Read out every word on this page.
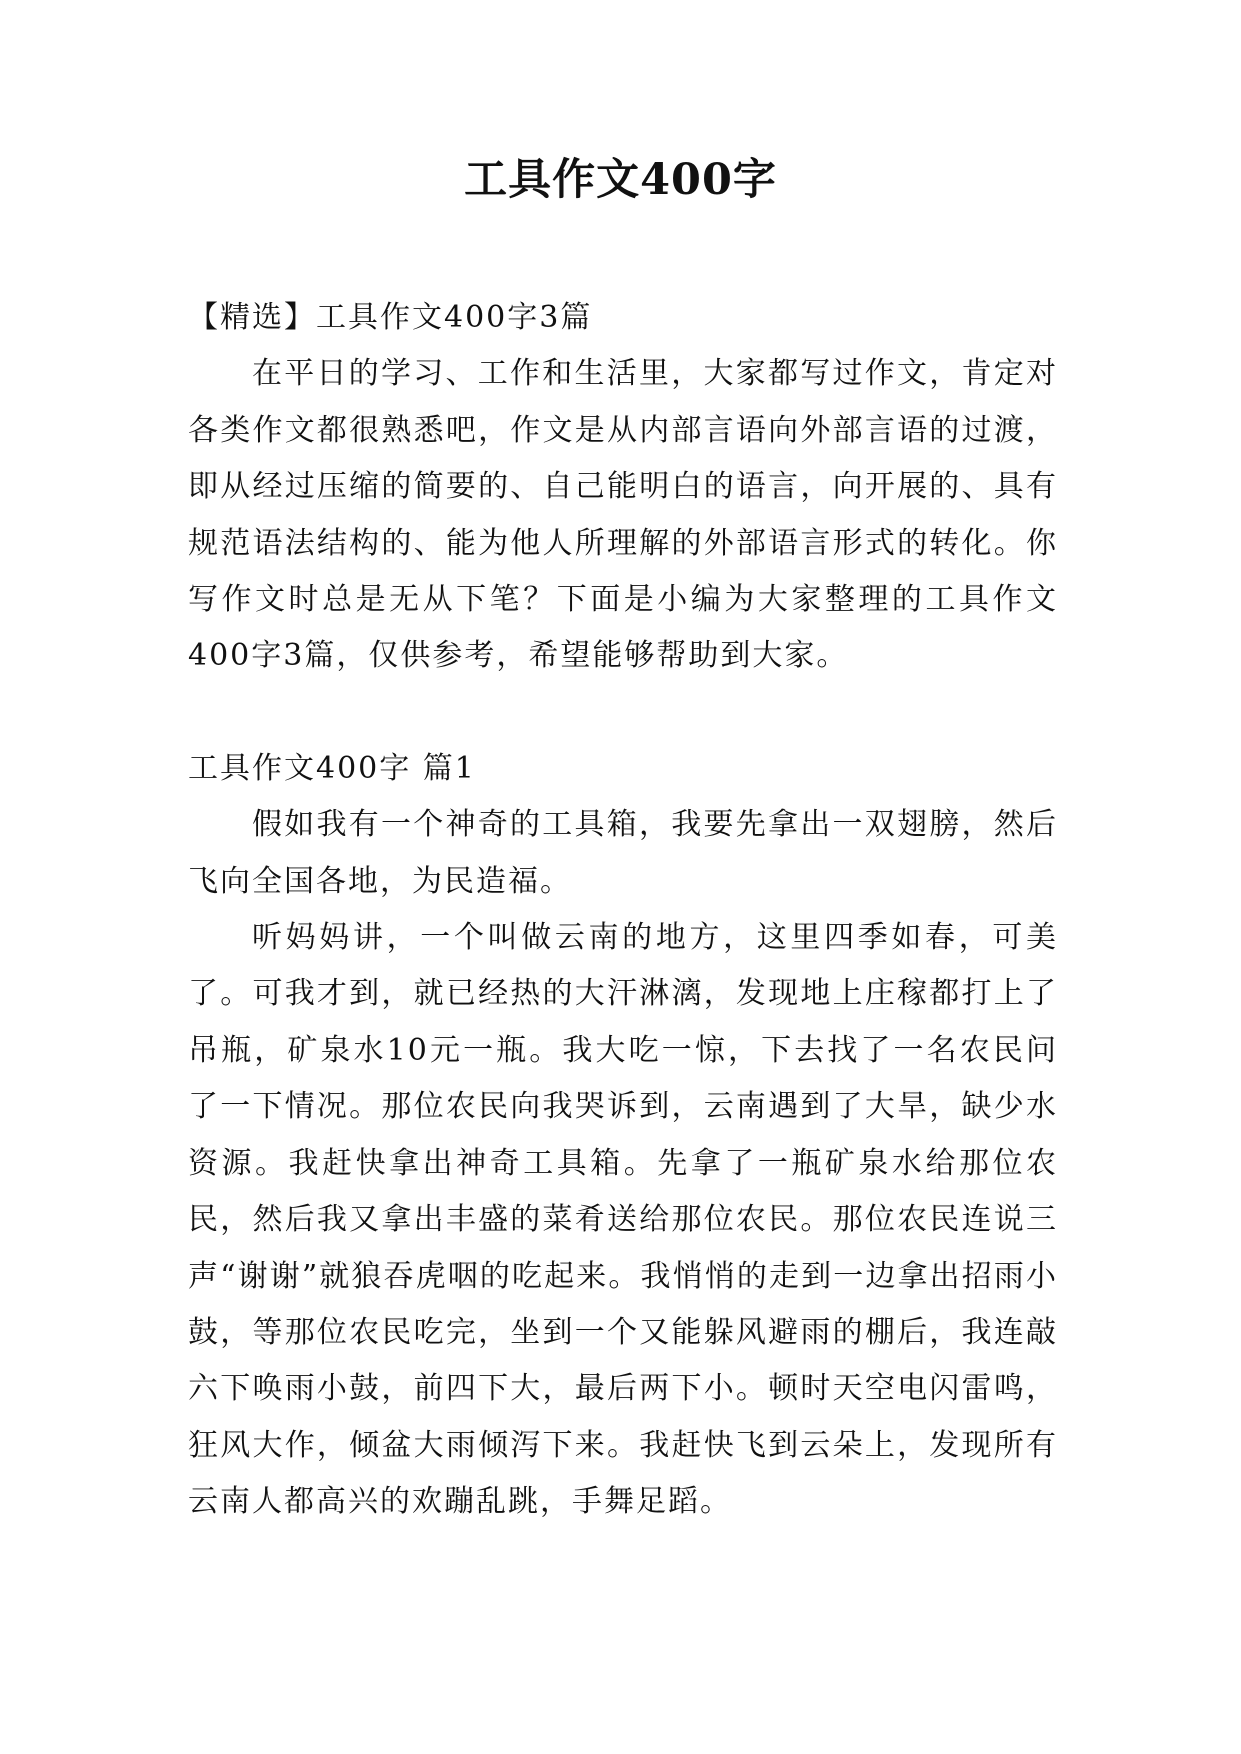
工具作文400字

【精选】工具作文400字3篇

在平日的学习、工作和生活里，大家都写过作文，肯定对各类作文都很熟悉吧，作文是从内部言语向外部言语的过渡，即从经过压缩的简要的、自己能明白的语言，向开展的、具有规范语法结构的、能为他人所理解的外部语言形式的转化。你写作文时总是无从下笔？下面是小编为大家整理的工具作文400字3篇，仅供参考，希望能够帮助到大家。

工具作文400字 篇1

假如我有一个神奇的工具箱，我要先拿出一双翅膀，然后飞向全国各地，为民造福。

听妈妈讲，一个叫做云南的地方，这里四季如春，可美了。可我才到，就已经热的大汗淋漓，发现地上庄稼都打上了吊瓶，矿泉水10元一瓶。我大吃一惊，下去找了一名农民问了一下情况。那位农民向我哭诉到，云南遇到了大旱，缺少水资源。我赶快拿出神奇工具箱。先拿了一瓶矿泉水给那位农民，然后我又拿出丰盛的菜肴送给那位农民。那位农民连说三声“谢谢”就狼吞虎咽的吃起来。我悄悄的走到一边拿出招雨小鼓，等那位农民吃完，坐到一个又能躲风避雨的棚后，我连敲六下唤雨小鼓，前四下大，最后两下小。顿时天空电闪雷鸣，狂风大作，倾盆大雨倾泻下来。我赶快飞到云朵上，发现所有云南人都高兴的欢蹦乱跳，手舞足蹈。
